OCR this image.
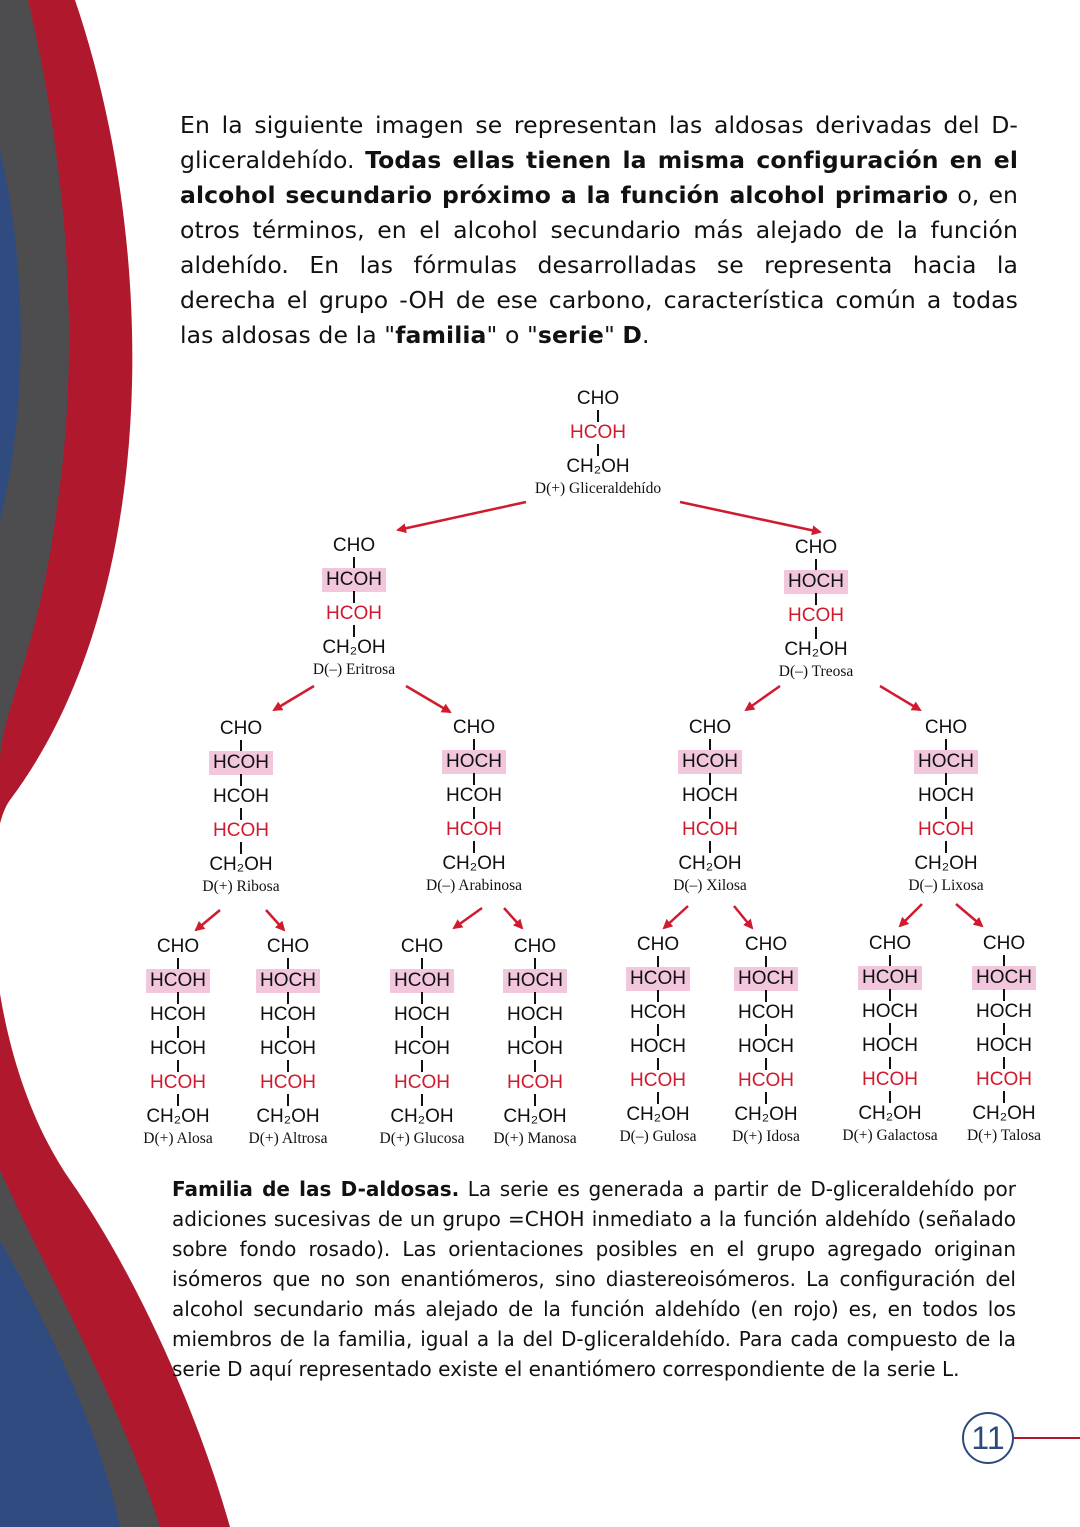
En la siguiente imagen se representan las aldosas derivadas del D-gliceraldehído. Todas ellas tienen la misma configuración en el alcohol secundario próximo a la función alcohol primario o, en otros términos, en el alcohol secundario más alejado de la función aldehído. En las fórmulas desarrolladas se representa hacia la derecha el grupo -OH de ese carbono, característica común a todas las aldosas de la "familia" o "serie" D.

CHO
HCOH
CH₂OH
D(+) Gliceraldehído
CHO
HCOH
HCOH
CH₂OH
D(–) Eritrosa
CHO
HOCH
HCOH
CH₂OH
D(–) Treosa
CHO
HCOH
HCOH
HCOH
CH₂OH
D(+) Ribosa
CHO
HOCH
HCOH
HCOH
CH₂OH
D(–) Arabinosa
CHO
HCOH
HOCH
HCOH
CH₂OH
D(–) Xilosa
CHO
HOCH
HOCH
HCOH
CH₂OH
D(–) Lixosa
CHO
HCOH
HCOH
HCOH
HCOH
CH₂OH
D(+) Alosa
CHO
HOCH
HCOH
HCOH
HCOH
CH₂OH
D(+) Altrosa
CHO
HCOH
HOCH
HCOH
HCOH
CH₂OH
D(+) Glucosa
CHO
HOCH
HOCH
HCOH
HCOH
CH₂OH
D(+) Manosa
CHO
HCOH
HCOH
HOCH
HCOH
CH₂OH
D(–) Gulosa
CHO
HOCH
HCOH
HOCH
HCOH
CH₂OH
D(+) Idosa
CHO
HCOH
HOCH
HOCH
HCOH
CH₂OH
D(+) Galactosa
CHO
HOCH
HOCH
HOCH
HCOH
CH₂OH
D(+) Talosa

Familia de las D-aldosas. La serie es generada a partir de D-gliceraldehído por adiciones sucesivas de un grupo =CHOH inmediato a la función aldehído (señalado sobre fondo rosado). Las orientaciones posibles en el grupo agregado originan isómeros que no son enantiómeros, sino diastereoisómeros. La configuración del alcohol secundario más alejado de la función aldehído (en rojo) es, en todos los miembros de la familia, igual a la del D-gliceraldehído. Para cada compuesto de la serie D aquí representado existe el enantiómero correspondiente de la serie L.

11
